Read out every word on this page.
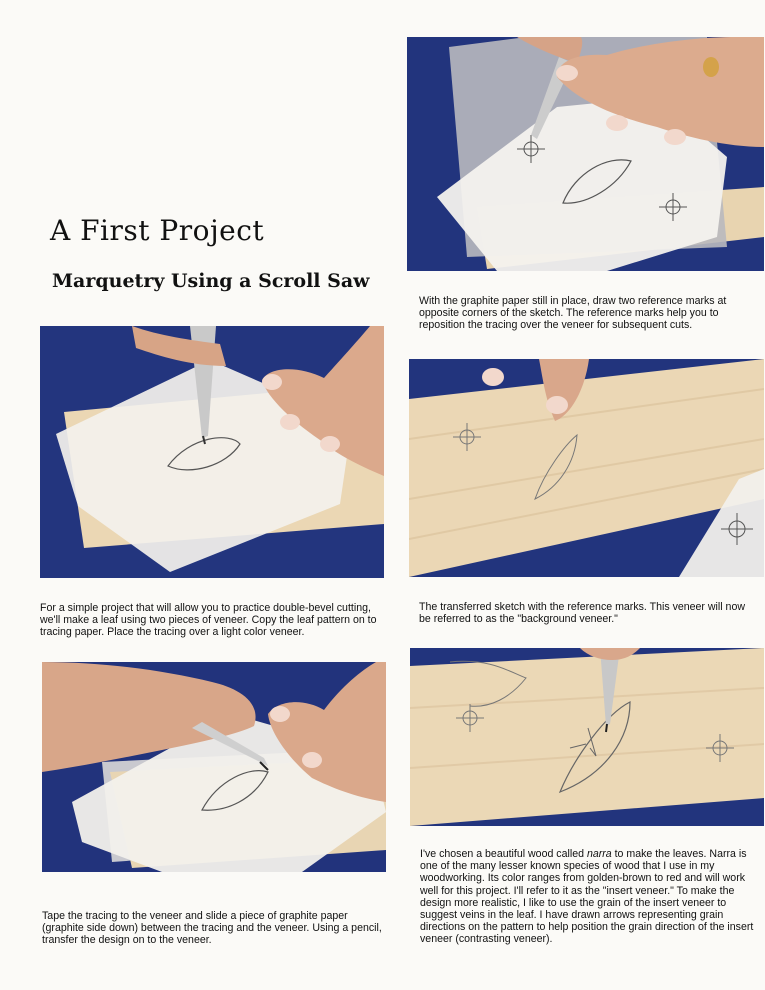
A First Project
Marquetry Using a Scroll Saw

For a simple project that will allow you to practice double-bevel cutting, we'll make a leaf using two pieces of veneer. Copy the leaf pattern on to tracing paper. Place the tracing over a light color veneer.

Tape the tracing to the veneer and slide a piece of graphite paper (graphite side down) between the tracing and the veneer. Using a pencil, transfer the design on to the veneer.

With the graphite paper still in place, draw two reference marks at opposite corners of the sketch. The reference marks help you to reposition the tracing over the veneer for subsequent cuts.

The transferred sketch with the reference marks. This veneer will now be referred to as the "background veneer."

I've chosen a beautiful wood called narra to make the leaves. Narra is one of the many lesser known species of wood that I use in my woodworking. Its color ranges from golden-brown to red and will work well for this project. I'll refer to it as the "insert veneer." To make the design more realistic, I like to use the grain of the insert veneer to suggest veins in the leaf. I have drawn arrows representing grain directions on the pattern to help position the grain direction of the insert veneer (contrasting veneer).
